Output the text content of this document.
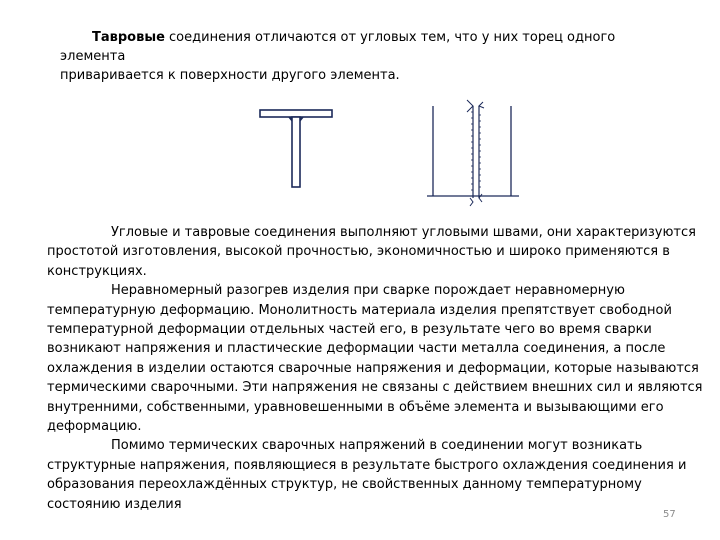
Тавровые соединения отличаются от угловых тем, что у них торец одного элемента
приваривается к поверхности другого элемента.

Угловые и тавровые соединения выполняют угловыми швами, они характеризуются простотой изготовления, высокой прочностью, экономичностью и широко применяются в конструкциях.

Неравномерный разогрев изделия при сварке порождает неравномерную температурную деформацию. Монолитность материала изделия препятствует свободной температурной деформации отдельных частей его, в результате чего во время сварки возникают напряжения и пластические деформации части металла соединения, а после охлаждения в изделии остаются сварочные напряжения и деформации, которые называются термическими сварочными. Эти напряжения не связаны с действием внешних сил и являются внутренними, собственными, уравновешенными в объёме элемента и вызывающими его деформацию.

Помимо термических сварочных напряжений в соединении могут возникать структурные напряжения, появляющиеся в результате быстрого охлаждения соединения и образования переохлаждённых структур, не свойственных данному температурному состоянию изделия

57
